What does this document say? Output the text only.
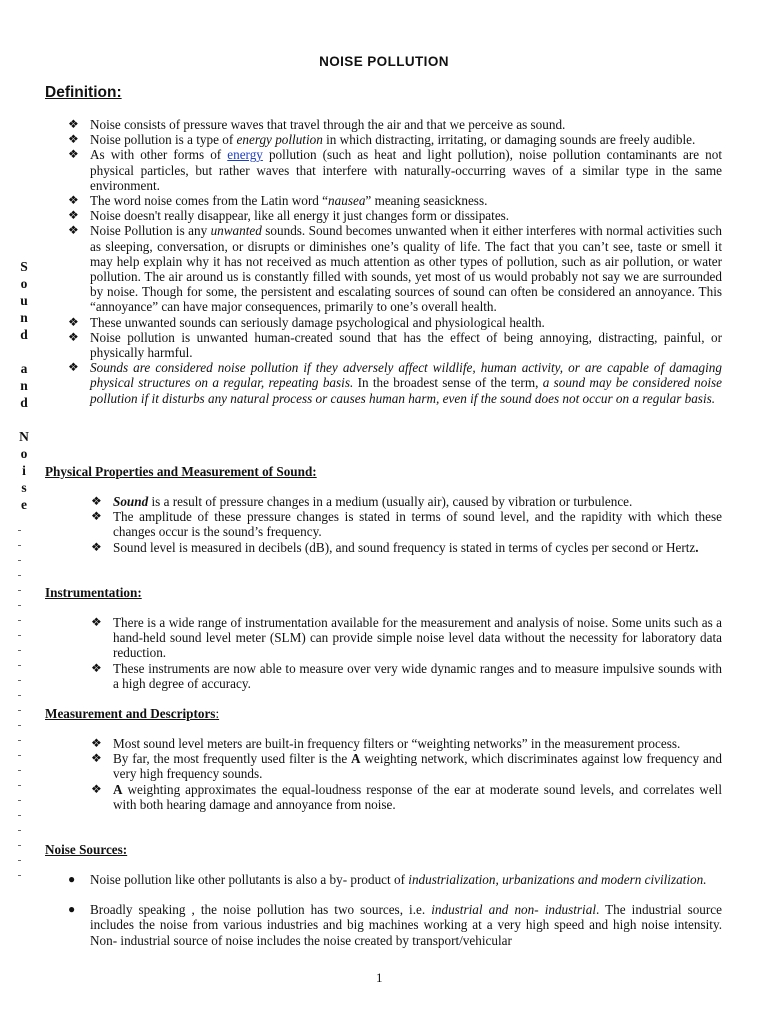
NOISE POLLUTION
Definition:
S
o
u
n
d
a
n
d
N
o
i
s
e
❖ Noise consists of pressure waves that travel through the air and that we perceive as sound.
❖ Noise pollution is a type of energy pollution in which distracting, irritating, or damaging sounds are freely audible.
❖ As with other forms of energy pollution (such as heat and light pollution), noise pollution contaminants are not physical particles, but rather waves that interfere with naturally-occurring waves of a similar type in the same environment.
❖ The word noise comes from the Latin word “nausea” meaning seasickness.
❖ Noise doesn't really disappear, like all energy it just changes form or dissipates.
❖ Noise Pollution is any unwanted sounds. Sound becomes unwanted when it either interferes with normal activities such as sleeping, conversation, or disrupts or diminishes one’s quality of life. The fact that you can’t see, taste or smell it may help explain why it has not received as much attention as other types of pollution, such as air pollution, or water pollution. The air around us is constantly filled with sounds, yet most of us would probably not say we are surrounded by noise. Though for some, the persistent and escalating sources of sound can often be considered an annoyance. This “annoyance” can have major consequences, primarily to one’s overall health.
❖ These unwanted sounds can seriously damage psychological and physiological health.
❖ Noise pollution is unwanted human-created sound that has the effect of being annoying, distracting, painful, or physically harmful.
❖ Sounds are considered noise pollution if they adversely affect wildlife, human activity, or are capable of damaging physical structures on a regular, repeating basis. In the broadest sense of the term, a sound may be considered noise pollution if it disturbs any natural process or causes human harm, even if the sound does not occur on a regular basis.
Physical Properties and Measurement of Sound:
❖ Sound is a result of pressure changes in a medium (usually air), caused by vibration or turbulence.
❖ The amplitude of these pressure changes is stated in terms of sound level, and the rapidity with which these changes occur is the sound’s frequency.
❖ Sound level is measured in decibels (dB), and sound frequency is stated in terms of cycles per second or Hertz.
Instrumentation:
❖ There is a wide range of instrumentation available for the measurement and analysis of noise. Some units such as a hand-held sound level meter (SLM) can provide simple noise level data without the necessity for laboratory data reduction.
❖ These instruments are now able to measure over very wide dynamic ranges and to measure impulsive sounds with a high degree of accuracy.
Measurement and Descriptors:
❖ Most sound level meters are built-in frequency filters or “weighting networks” in the measurement process.
❖ By far, the most frequently used filter is the A weighting network, which discriminates against low frequency and very high frequency sounds.
❖ A weighting approximates the equal-loudness response of the ear at moderate sound levels, and correlates well with both hearing damage and annoyance from noise.
Noise Sources:
● Noise pollution like other pollutants is also a by- product of industrialization, urbanizations and modern civilization.
● Broadly speaking , the noise pollution has two sources, i.e. industrial and non- industrial. The industrial source includes the noise from various industries and big machines working at a very high speed and high noise intensity. Non- industrial source of noise includes the noise created by transport/vehicular
1
